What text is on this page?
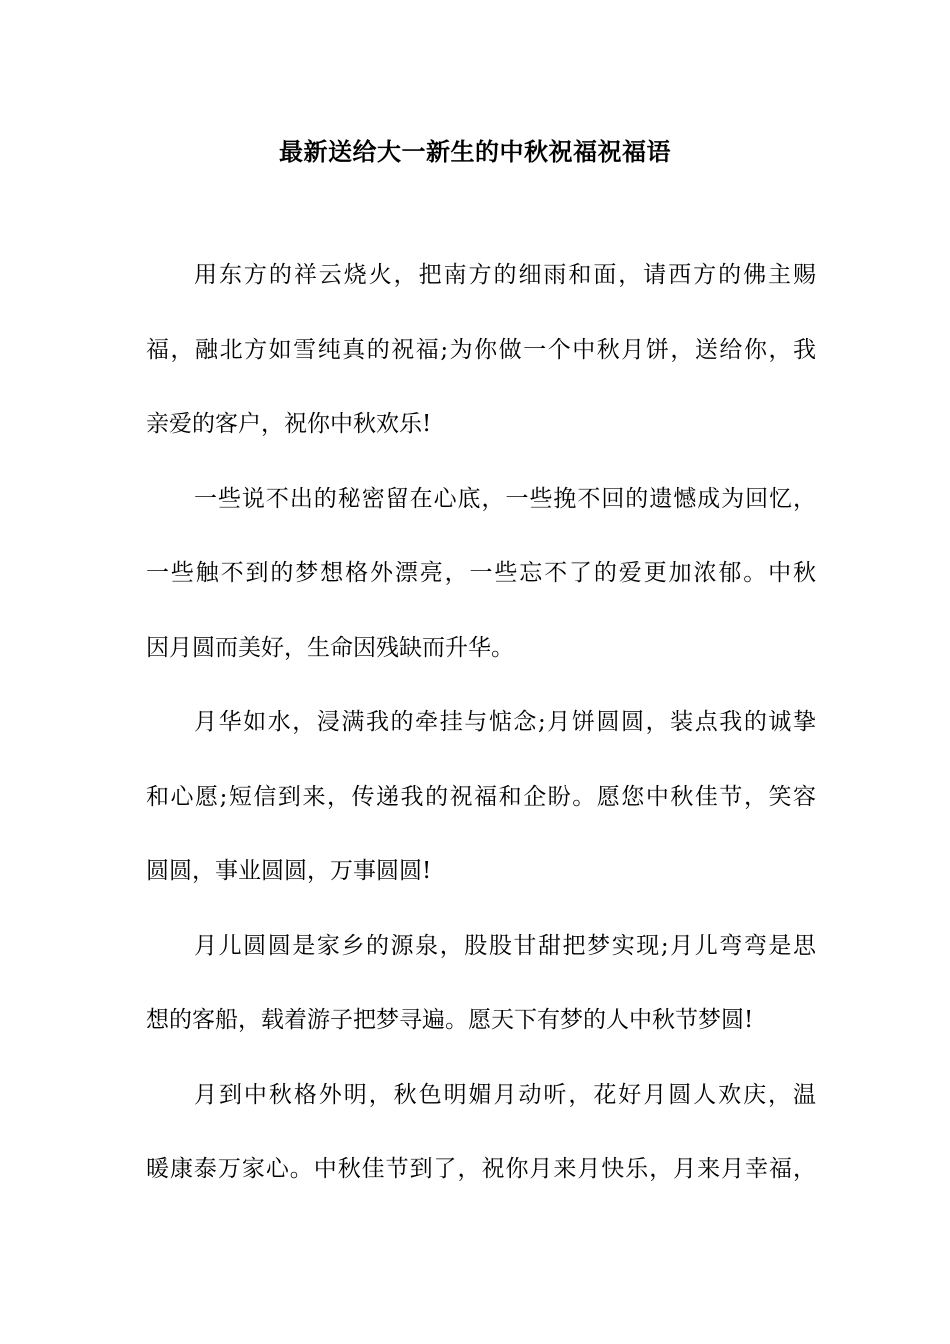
最新送给大一新生的中秋祝福祝福语
用东方的祥云烧火，把南方的细雨和面，请西方的佛主赐
福，融北方如雪纯真的祝福;为你做一个中秋月饼，送给你，我
亲爱的客户，祝你中秋欢乐!
一些说不出的秘密留在心底，一些挽不回的遗憾成为回忆，
一些触不到的梦想格外漂亮，一些忘不了的爱更加浓郁。中秋
因月圆而美好，生命因残缺而升华。
月华如水，浸满我的牵挂与惦念;月饼圆圆，装点我的诚挚
和心愿;短信到来，传递我的祝福和企盼。愿您中秋佳节，笑容
圆圆，事业圆圆，万事圆圆!
月儿圆圆是家乡的源泉，股股甘甜把梦实现;月儿弯弯是思
想的客船，载着游子把梦寻遍。愿天下有梦的人中秋节梦圆!
月到中秋格外明，秋色明媚月动听，花好月圆人欢庆，温
暖康泰万家心。中秋佳节到了，祝你月来月快乐，月来月幸福，
